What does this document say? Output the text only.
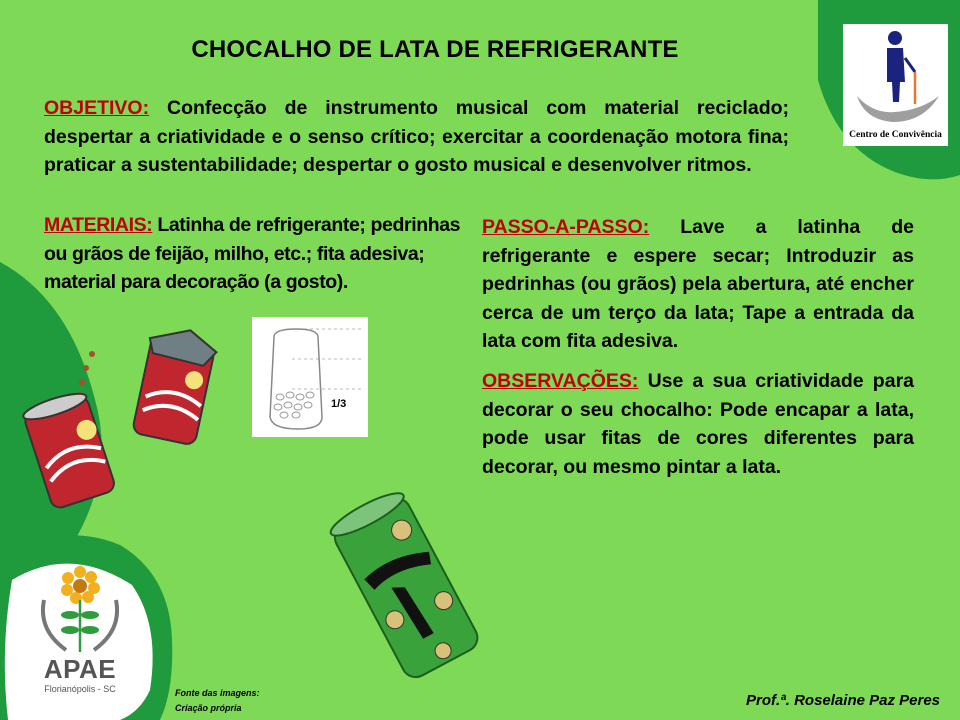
CHOCALHO DE LATA DE REFRIGERANTE
OBJETIVO: Confecção de instrumento musical com material reciclado; despertar a criatividade e o senso crítico; exercitar a coordenação motora fina; praticar a sustentabilidade; despertar o gosto musical e desenvolver ritmos.
MATERIAIS: Latinha de refrigerante; pedrinhas ou grãos de feijão, milho, etc.; fita adesiva; material para decoração (a gosto).
PASSO-A-PASSO: Lave a latinha de refrigerante e espere secar; Introduzir as pedrinhas (ou grãos) pela abertura, até encher cerca de um terço da lata; Tape a entrada da lata com fita adesiva.
OBSERVAÇÕES: Use a sua criatividade para decorar o seu chocalho: Pode encapar a lata, pode usar fitas de cores diferentes para decorar, ou mesmo pintar a lata.
Centro de Convivência
1/3
APAE
Florianópolis - SC	Fonte das imagens:
Criação própria	Prof.ª. Roselaine Paz Peres
